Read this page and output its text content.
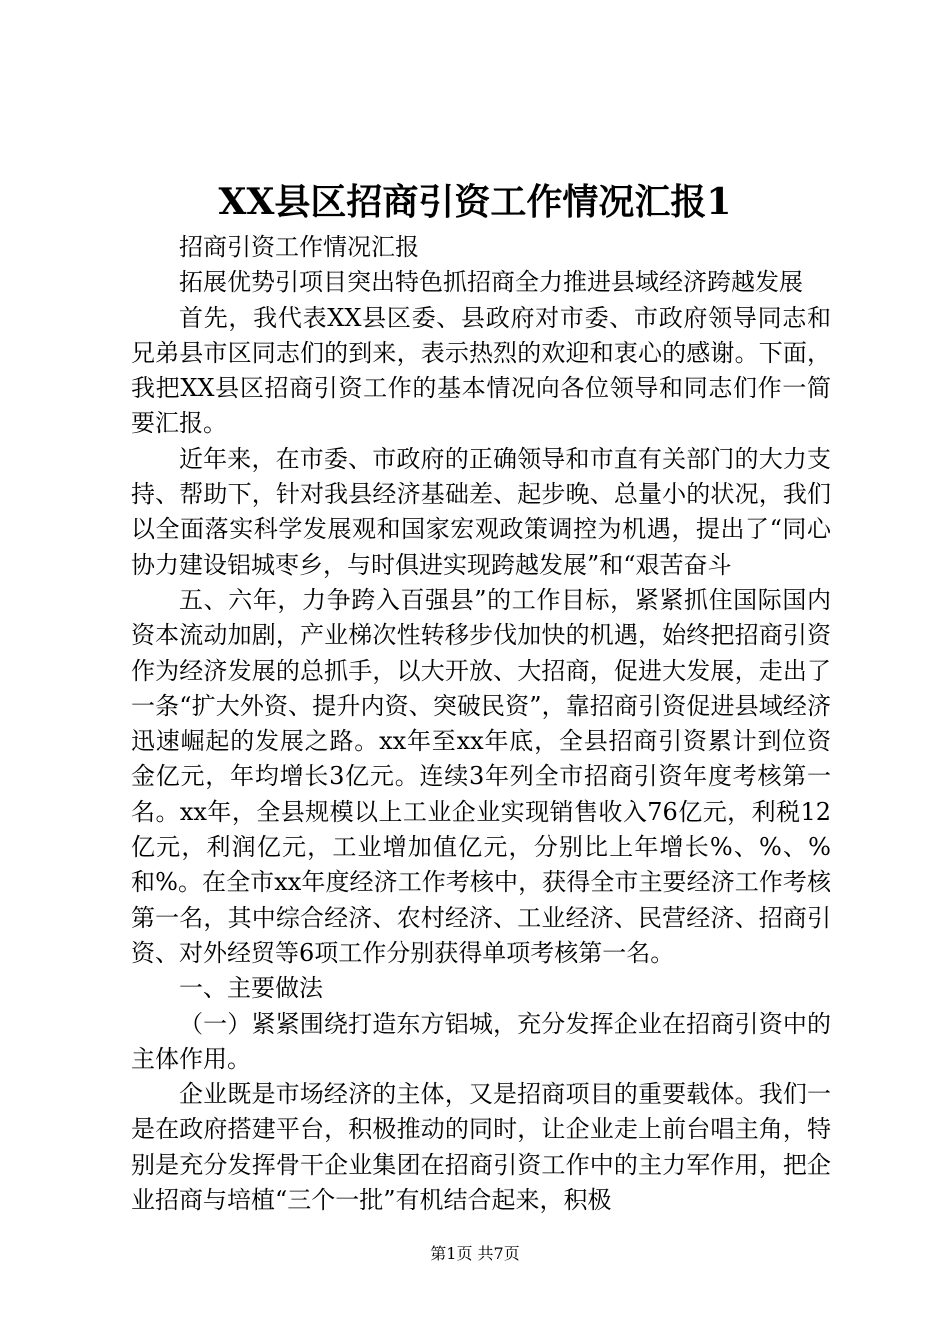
XX县区招商引资工作情况汇报1

招商引资工作情况汇报

拓展优势引项目突出特色抓招商全力推进县域经济跨越发展

首先，我代表XX县区委、县政府对市委、市政府领导同志和兄弟县市区同志们的到来，表示热烈的欢迎和衷心的感谢。下面，我把XX县区招商引资工作的基本情况向各位领导和同志们作一简要汇报。

近年来，在市委、市政府的正确领导和市直有关部门的大力支持、帮助下，针对我县经济基础差、起步晚、总量小的状况，我们以全面落实科学发展观和国家宏观政策调控为机遇，提出了“同心协力建设铝城枣乡，与时俱进实现跨越发展”和“艰苦奋斗

五、六年，力争跨入百强县”的工作目标，紧紧抓住国际国内资本流动加剧，产业梯次性转移步伐加快的机遇，始终把招商引资作为经济发展的总抓手，以大开放、大招商，促进大发展，走出了一条“扩大外资、提升内资、突破民资”，靠招商引资促进县域经济迅速崛起的发展之路。xx年至xx年底，全县招商引资累计到位资金亿元，年均增长3亿元。连续3年列全市招商引资年度考核第一名。xx年，全县规模以上工业企业实现销售收入76亿元，利税12亿元，利润亿元，工业增加值亿元，分别比上年增长%、%、%和%。在全市xx年度经济工作考核中，获得全市主要经济工作考核第一名，其中综合经济、农村经济、工业经济、民营经济、招商引资、对外经贸等6项工作分别获得单项考核第一名。

一、主要做法

（一）紧紧围绕打造东方铝城，充分发挥企业在招商引资中的主体作用。

企业既是市场经济的主体，又是招商项目的重要载体。我们一是在政府搭建平台，积极推动的同时，让企业走上前台唱主角，特别是充分发挥骨干企业集团在招商引资工作中的主力军作用，把企业招商与培植“三个一批”有机结合起来，积极

第1页 共7页
